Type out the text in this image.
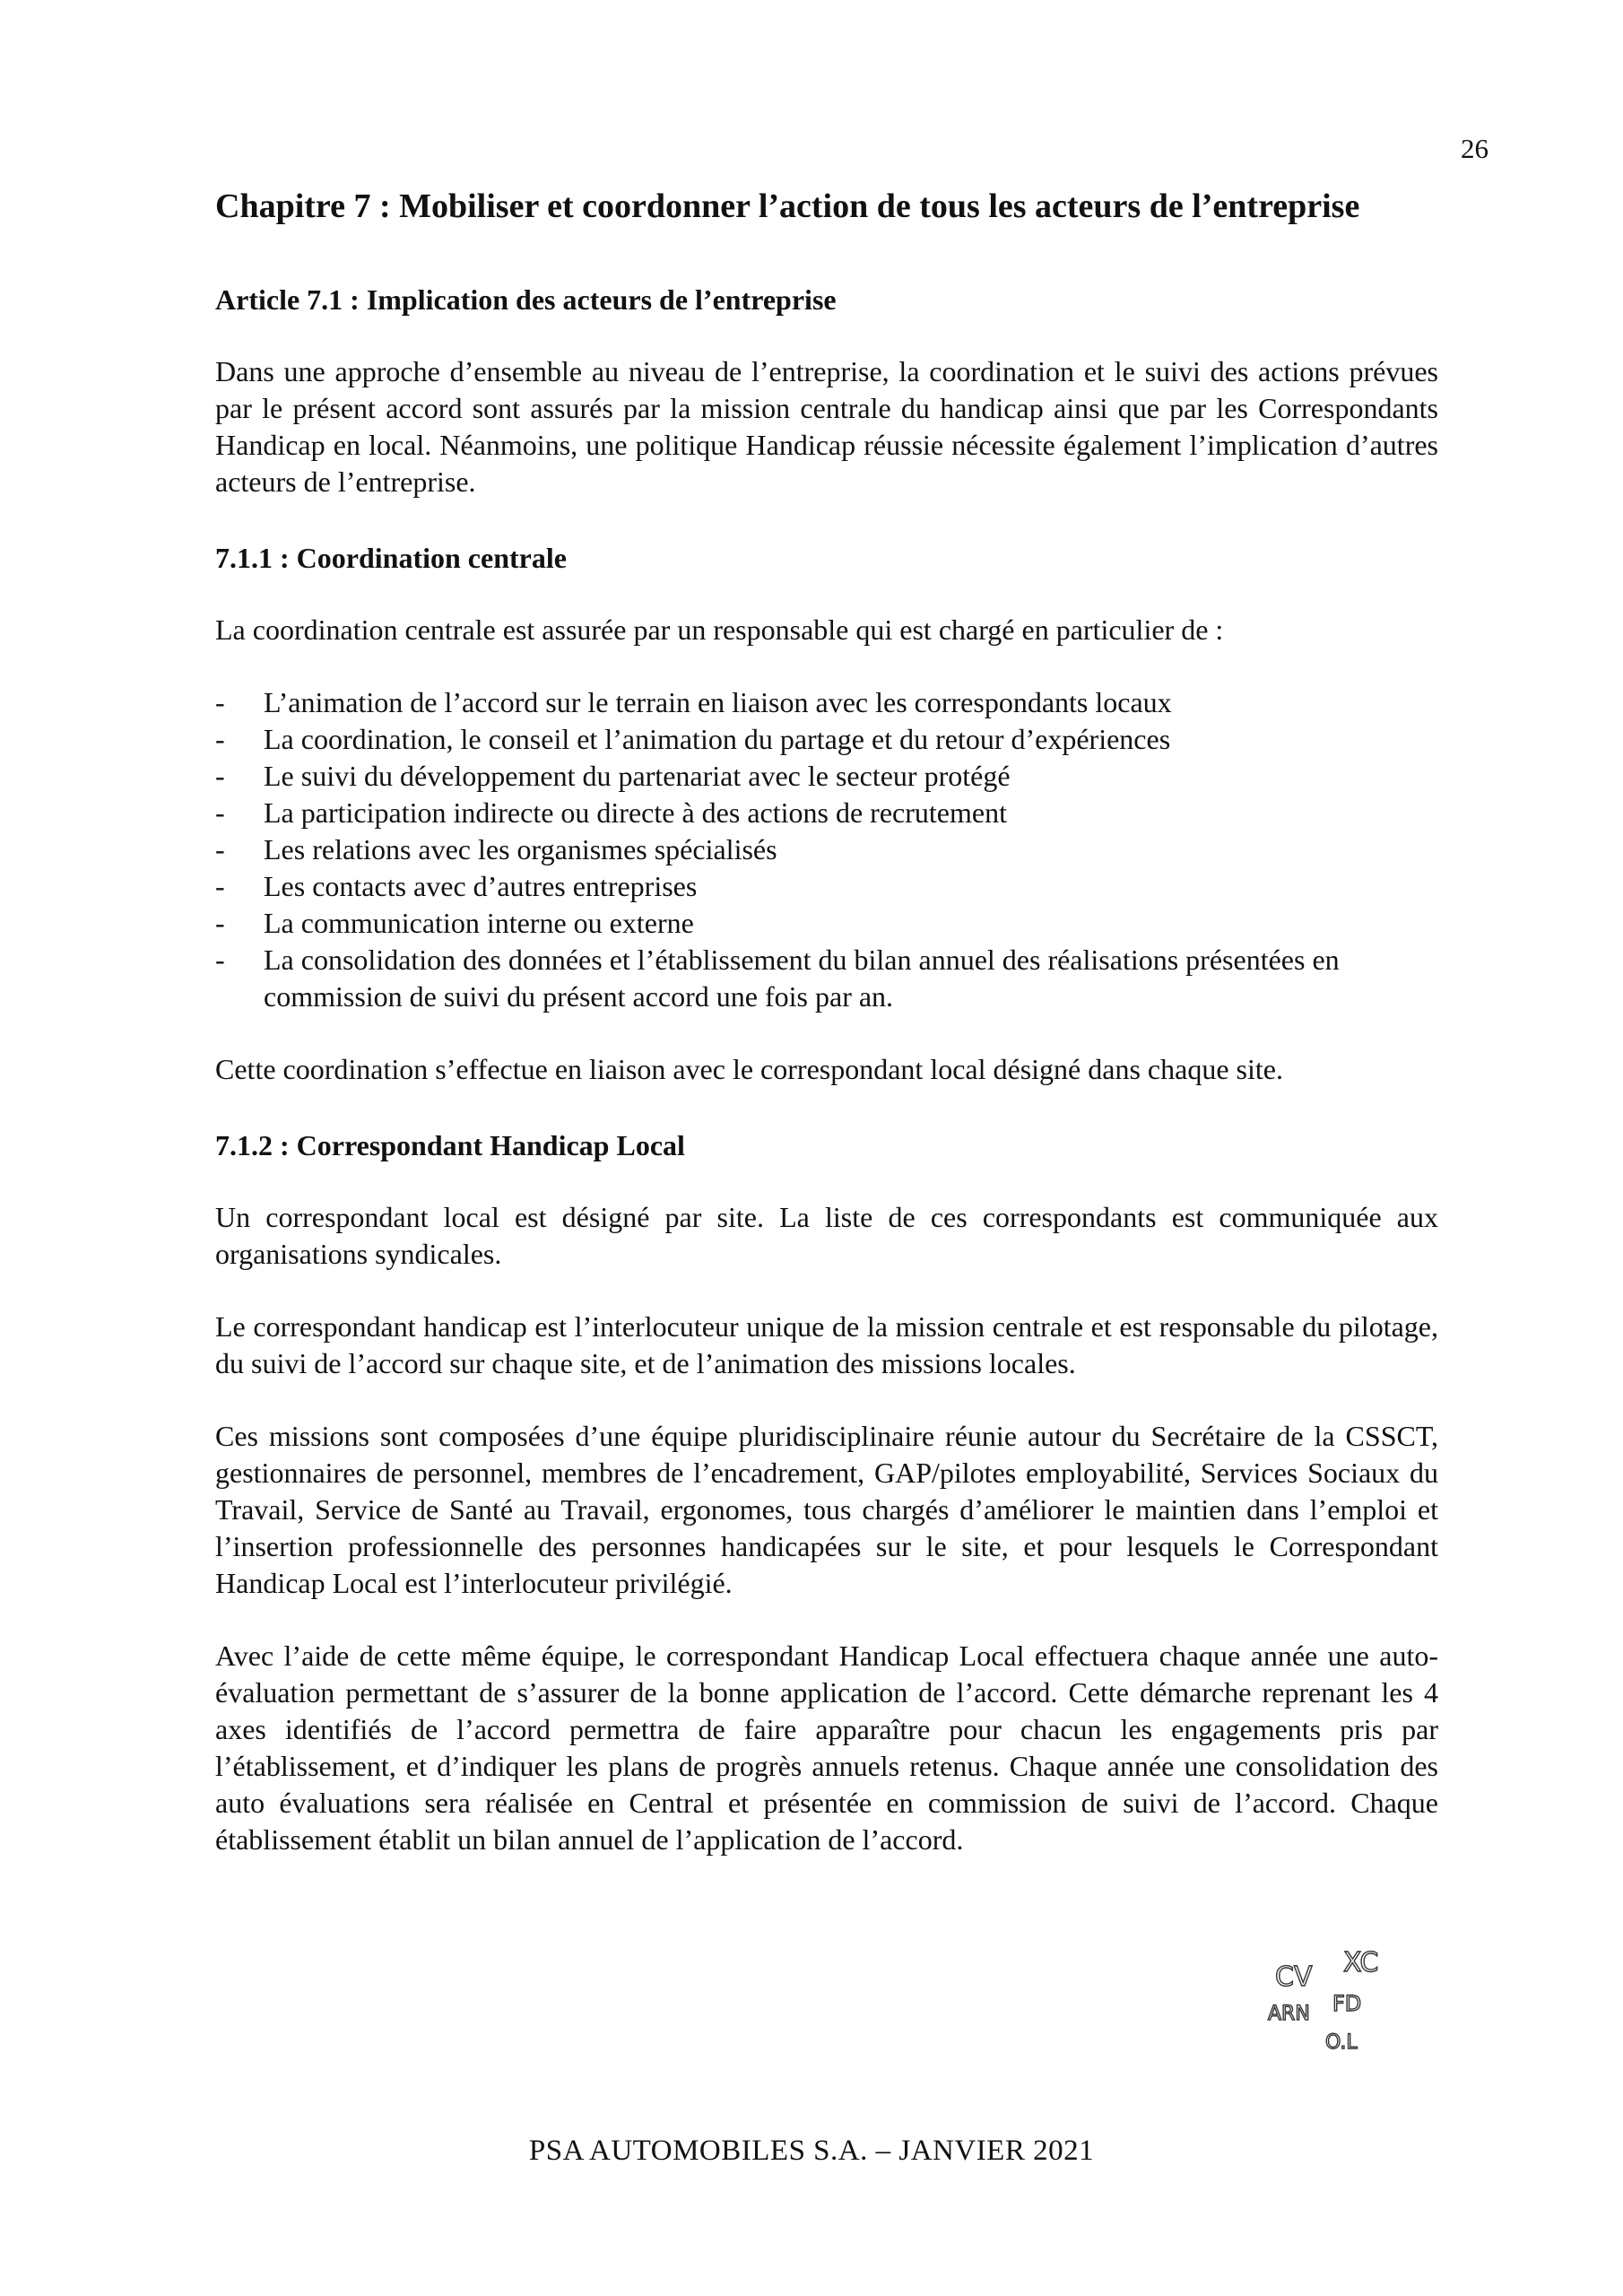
26
Chapitre 7 : Mobiliser et coordonner l’action de tous les acteurs de l’entreprise
Article 7.1 : Implication des acteurs de l’entreprise

Dans une approche d’ensemble au niveau de l’entreprise, la coordination et le suivi des actions prévues par le présent accord sont assurés par la mission centrale du handicap ainsi que par les Correspondants Handicap en local. Néanmoins, une politique Handicap réussie nécessite également l’implication d’autres acteurs de l’entreprise.

7.1.1 : Coordination centrale

La coordination centrale est assurée par un responsable qui est chargé en particulier de :

- L’animation de l’accord sur le terrain en liaison avec les correspondants locaux
- La coordination, le conseil et l’animation du partage et du retour d’expériences
- Le suivi du développement du partenariat avec le secteur protégé
- La participation indirecte ou directe à des actions de recrutement
- Les relations avec les organismes spécialisés
- Les contacts avec d’autres entreprises
- La communication interne ou externe
- La consolidation des données et l’établissement du bilan annuel des réalisations présentées en commission de suivi du présent accord une fois par an.

Cette coordination s’effectue en liaison avec le correspondant local désigné dans chaque site.

7.1.2 : Correspondant Handicap Local

Un correspondant local est désigné par site. La liste de ces correspondants est communiquée aux organisations syndicales.

Le correspondant handicap est l’interlocuteur unique de la mission centrale et est responsable du pilotage, du suivi de l’accord sur chaque site, et de l’animation des missions locales.

Ces missions sont composées d’une équipe pluridisciplinaire réunie autour du Secrétaire de la CSSCT, gestionnaires de personnel, membres de l’encadrement, GAP/pilotes employabilité, Services Sociaux du Travail, Service de Santé au Travail, ergonomes, tous chargés d’améliorer le maintien dans l’emploi et l’insertion professionnelle des personnes handicapées sur le site, et pour lesquels le Correspondant Handicap Local est l’interlocuteur privilégié.

Avec l’aide de cette même équipe, le correspondant Handicap Local effectuera chaque année une auto-évaluation permettant de s’assurer de la bonne application de l’accord. Cette démarche reprenant les 4 axes identifiés de l’accord permettra de faire apparaître pour chacun les engagements pris par l’établissement, et d’indiquer les plans de progrès annuels retenus. Chaque année une consolidation des auto évaluations sera réalisée en Central et présentée en commission de suivi de l’accord. Chaque établissement établit un bilan annuel de l’application de l’accord.

CV XC
ARN FD
O.L
PSA AUTOMOBILES S.A. – JANVIER 2021
